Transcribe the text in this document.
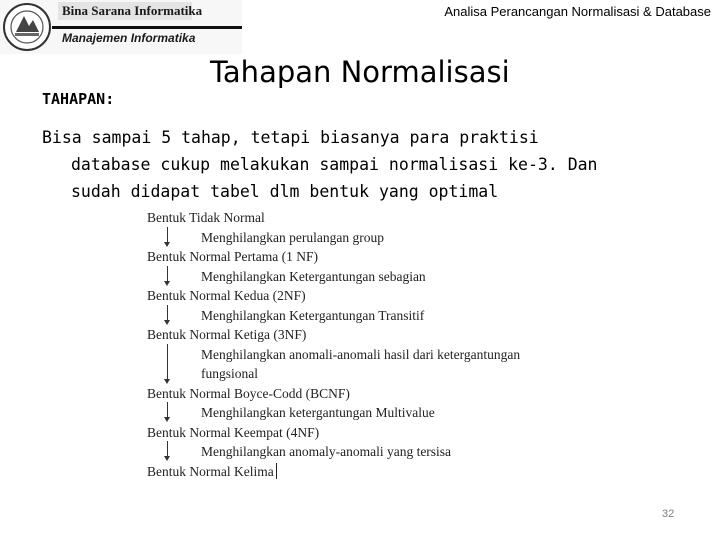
Bina Sarana Informatika
Manajemen Informatika
Analisa Perancangan Normalisasi & Database
TAHAPAN:
Tahapan Normalisasi
Bisa sampai 5 tahap, tetapi biasanya para praktisi
database cukup melakukan sampai normalisasi ke-3. Dan
sudah didapat tabel dlm bentuk yang optimal
Bentuk Tidak Normal
Menghilangkan perulangan group
Bentuk Normal Pertama (1 NF)
Menghilangkan Ketergantungan sebagian
Bentuk Normal Kedua (2NF)
Menghilangkan Ketergantungan Transitif
Bentuk Normal Ketiga (3NF)
Menghilangkan anomali-anomali hasil dari ketergantungan
fungsional
Bentuk Normal Boyce-Codd (BCNF)
Menghilangkan ketergantungan Multivalue
Bentuk Normal Keempat (4NF)
Menghilangkan anomaly-anomali yang tersisa
Bentuk Normal Kelima
32
